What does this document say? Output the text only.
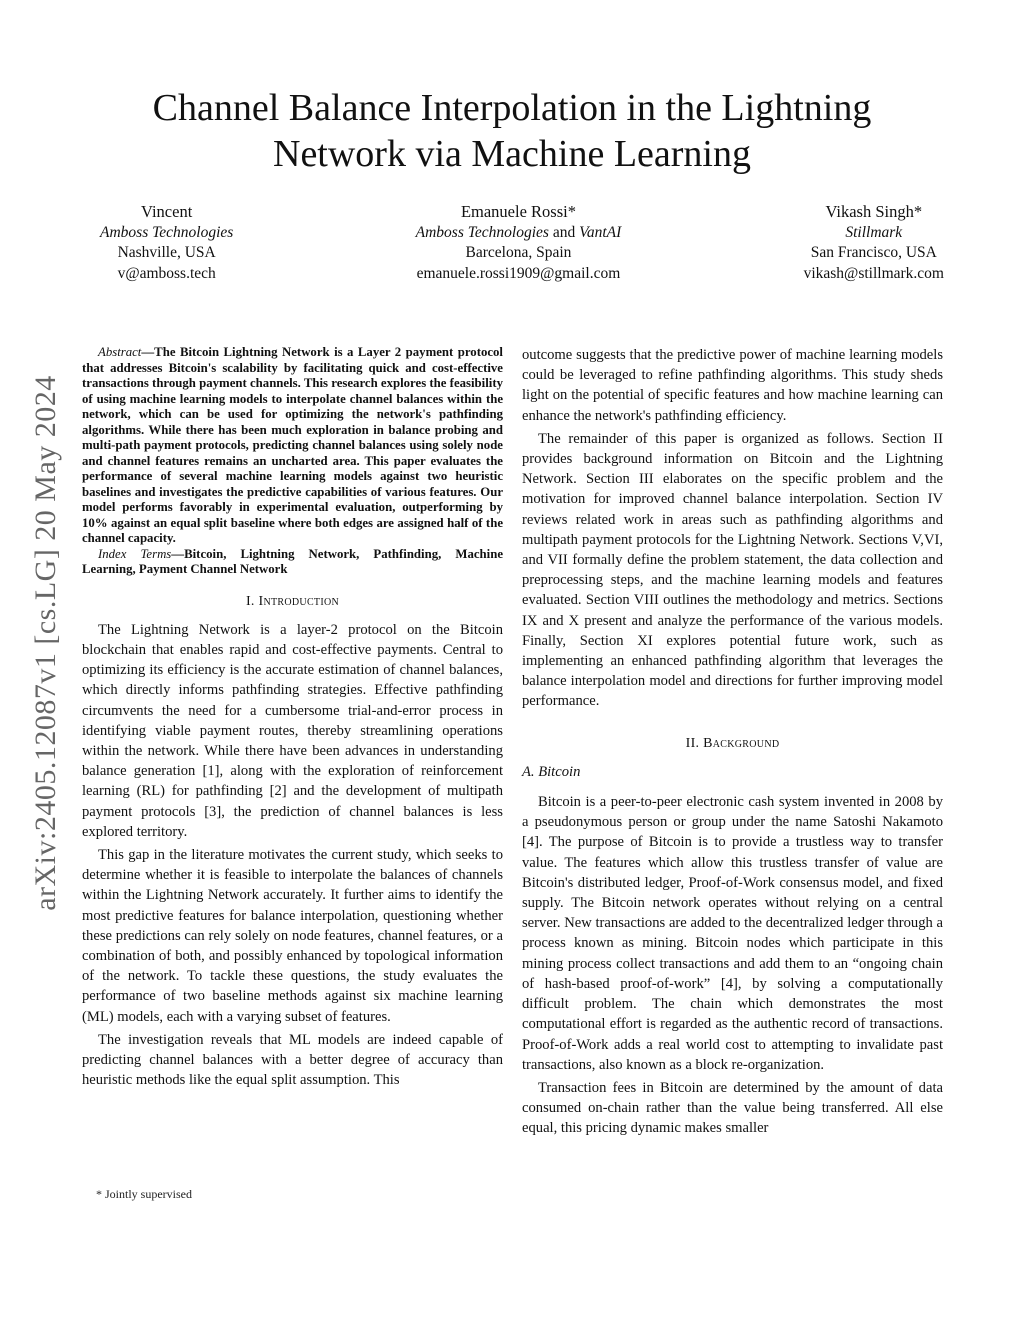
arXiv:2405.12087v1 [cs.LG] 20 May 2024
Channel Balance Interpolation in the Lightning Network via Machine Learning
Vincent
Amboss Technologies
Nashville, USA
v@amboss.tech
Emanuele Rossi*
Amboss Technologies and VantAI
Barcelona, Spain
emanuele.rossi1909@gmail.com
Vikash Singh*
Stillmark
San Francisco, USA
vikash@stillmark.com

Abstract—The Bitcoin Lightning Network is a Layer 2 payment protocol that addresses Bitcoin's scalability by facilitating quick and cost-effective transactions through payment channels. This research explores the feasibility of using machine learning models to interpolate channel balances within the network, which can be used for optimizing the network's pathfinding algorithms. While there has been much exploration in balance probing and multi-path payment protocols, predicting channel balances using solely node and channel features remains an uncharted area. This paper evaluates the performance of several machine learning models against two heuristic baselines and investigates the predictive capabilities of various features. Our model performs favorably in experimental evaluation, outperforming by 10% against an equal split baseline where both edges are assigned half of the channel capacity.

Index Terms—Bitcoin, Lightning Network, Pathfinding, Machine Learning, Payment Channel Network

I. Introduction

The Lightning Network is a layer-2 protocol on the Bitcoin blockchain that enables rapid and cost-effective payments. Central to optimizing its efficiency is the accurate estimation of channel balances, which directly informs pathfinding strategies. Effective pathfinding circumvents the need for a cumbersome trial-and-error process in identifying viable payment routes, thereby streamlining operations within the network. While there have been advances in understanding balance generation [1], along with the exploration of reinforcement learning (RL) for pathfinding [2] and the development of multipath payment protocols [3], the prediction of channel balances is less explored territory.

This gap in the literature motivates the current study, which seeks to determine whether it is feasible to interpolate the balances of channels within the Lightning Network accurately. It further aims to identify the most predictive features for balance interpolation, questioning whether these predictions can rely solely on node features, channel features, or a combination of both, and possibly enhanced by topological information of the network. To tackle these questions, the study evaluates the performance of two baseline methods against six machine learning (ML) models, each with a varying subset of features.

The investigation reveals that ML models are indeed capable of predicting channel balances with a better degree of accuracy than heuristic methods like the equal split assumption. This

outcome suggests that the predictive power of machine learning models could be leveraged to refine pathfinding algorithms. This study sheds light on the potential of specific features and how machine learning can enhance the network's pathfinding efficiency.

The remainder of this paper is organized as follows. Section II provides background information on Bitcoin and the Lightning Network. Section III elaborates on the specific problem and the motivation for improved channel balance interpolation. Section IV reviews related work in areas such as pathfinding algorithms and multipath payment protocols for the Lightning Network. Sections V,VI, and VII formally define the problem statement, the data collection and preprocessing steps, and the machine learning models and features evaluated. Section VIII outlines the methodology and metrics. Sections IX and X present and analyze the performance of the various models. Finally, Section XI explores potential future work, such as implementing an enhanced pathfinding algorithm that leverages the balance interpolation model and directions for further improving model performance.

II. Background
A. Bitcoin

Bitcoin is a peer-to-peer electronic cash system invented in 2008 by a pseudonymous person or group under the name Satoshi Nakamoto [4]. The purpose of Bitcoin is to provide a trustless way to transfer value. The features which allow this trustless transfer of value are Bitcoin's distributed ledger, Proof-of-Work consensus model, and fixed supply. The Bitcoin network operates without relying on a central server. New transactions are added to the decentralized ledger through a process known as mining. Bitcoin nodes which participate in this mining process collect transactions and add them to an “ongoing chain of hash-based proof-of-work” [4], by solving a computationally difficult problem. The chain which demonstrates the most computational effort is regarded as the authentic record of transactions. Proof-of-Work adds a real world cost to attempting to invalidate past transactions, also known as a block re-organization.

Transaction fees in Bitcoin are determined by the amount of data consumed on-chain rather than the value being transferred. All else equal, this pricing dynamic makes smaller

* Jointly supervised
